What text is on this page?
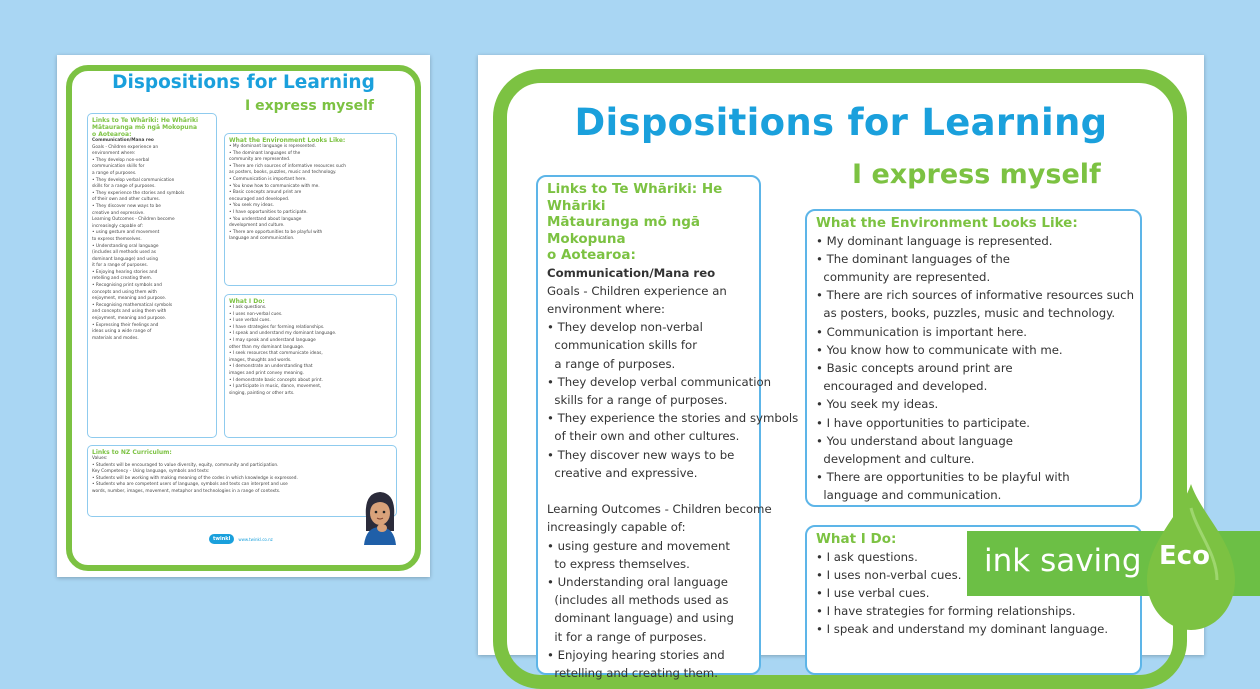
Dispositions for Learning
I express myself
Links to Te Whāriki: He Whāriki
Mātauranga mō ngā Mokopuna
o Aotearoa:
Communication/Mana reo
Goals - Children experience an
environment where:
• They develop non-verbal
communication skills for
a range of purposes.
• They develop verbal communication
skills for a range of purposes.
• They experience the stories and symbols
of their own and other cultures.
• They discover new ways to be
creative and expressive.
Learning Outcomes - Children become
increasingly capable of:
• using gesture and movement
to express themselves.
• Understanding oral language
(includes all methods used as
dominant language) and using
it for a range of purposes.
• Enjoying hearing stories and
retelling and creating them.
• Recognising print symbols and
concepts and using them with
enjoyment, meaning and purpose.
• Recognising mathematical symbols
and concepts and using them with
enjoyment, meaning and purpose.
• Expressing their feelings and
ideas using a wide range of
materials and modes.
What the Environment Looks Like:
• My dominant language is represented.
• The dominant languages of the
community are represented.
• There are rich sources of informative resources such
as posters, books, puzzles, music and technology.
• Communication is important here.
• You know how to communicate with me.
• Basic concepts around print are
encouraged and developed.
• You seek my ideas.
• I have opportunities to participate.
• You understand about language
development and culture.
• There are opportunities to be playful with
language and communication.
What I Do:
• I ask questions.
• I uses non-verbal cues.
• I use verbal cues.
• I have strategies for forming relationships.
• I speak and understand my dominant language.
• I may speak and understand language
other than my dominant language.
• I seek resources that communicate ideas,
images, thoughts and words.
• I demonstrate an understanding that
images and print convey meaning.
• I demonstrate basic concepts about print.
• I participate in music, dance, movement,
singing, painting or other arts.
Links to NZ Curriculum:
Values:
• Students will be encouraged to value diversity, equity, community and participation.
Key Competency - Using language, symbols and texts:
• Students will be working with making meaning of the codes in which knowledge is expressed.
• Students who are competent users of language, symbols and texts can interpret and use
words, number, images, movement, metaphor and technologies in a range of contexts.
twinkl	www.twinkl.co.nz
Dispositions for Learning
I express myself
Links to Te Whāriki: He Whāriki
Mātauranga mō ngā Mokopuna
o Aotearoa:
Communication/Mana reo
Goals - Children experience an
environment where:
• They develop non-verbal
communication skills for
a range of purposes.
• They develop verbal communication
skills for a range of purposes.
• They experience the stories and symbols
of their own and other cultures.
• They discover new ways to be
creative and expressive.

Learning Outcomes - Children become
increasingly capable of:
• using gesture and movement
to express themselves.
• Understanding oral language
(includes all methods used as
dominant language) and using
it for a range of purposes.
• Enjoying hearing stories and
retelling and creating them.
What the Environment Looks Like:
• My dominant language is represented.
• The dominant languages of the
community are represented.
• There are rich sources of informative resources such
as posters, books, puzzles, music and technology.
• Communication is important here.
• You know how to communicate with me.
• Basic concepts around print are
encouraged and developed.
• You seek my ideas.
• I have opportunities to participate.
• You understand about language
development and culture.
• There are opportunities to be playful with
language and communication.
What I Do:
• I ask questions.
• I uses non-verbal cues.
• I use verbal cues.
• I have strategies for forming relationships.
• I speak and understand my dominant language.
ink saving Eco
